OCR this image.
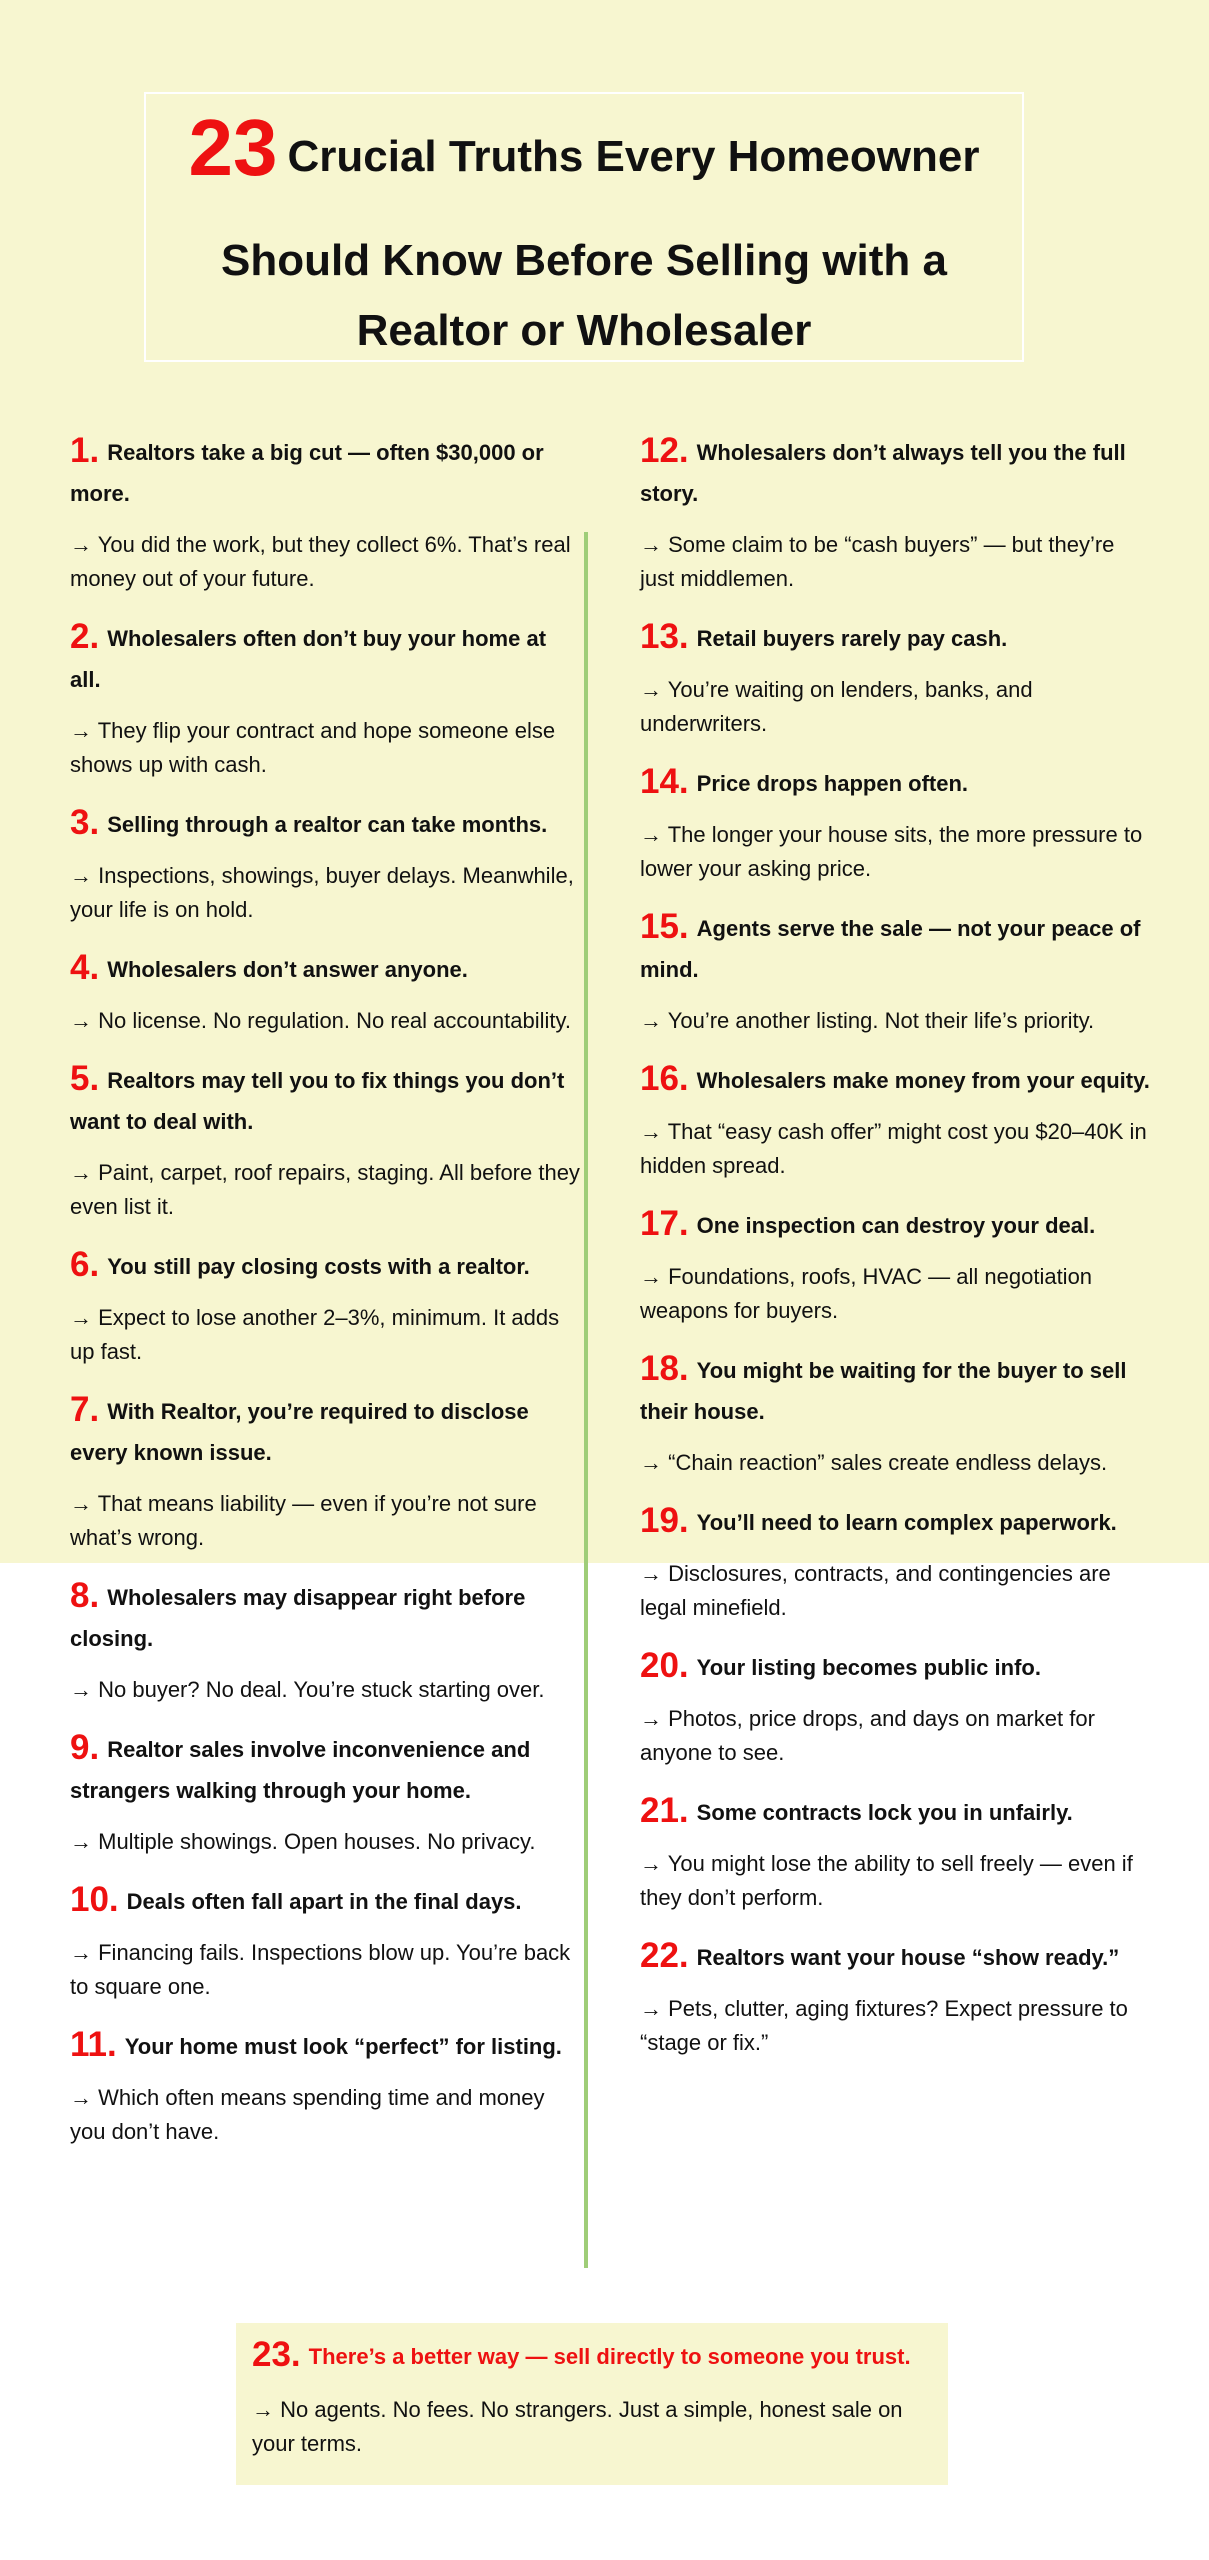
23 Crucial Truths Every Homeowner
Should Know Before Selling with a
Realtor or Wholesaler
1. Realtors take a big cut — often $30,000 or more.
→ You did the work, but they collect 6%. That’s real money out of your future.
2. Wholesalers often don’t buy your home at all.
→ They flip your contract and hope someone else shows up with cash.
3. Selling through a realtor can take months.
→ Inspections, showings, buyer delays. Meanwhile, your life is on hold.
4. Wholesalers don’t answer anyone.
→ No license. No regulation. No real accountability.
5. Realtors may tell you to fix things you don’t want to deal with.
→ Paint, carpet, roof repairs, staging. All before they even list it.
6. You still pay closing costs with a realtor.
→ Expect to lose another 2–3%, minimum. It adds up fast.
7. With Realtor, you’re required to disclose every known issue.
→ That means liability — even if you’re not sure what’s wrong.
8. Wholesalers may disappear right before closing.
→ No buyer? No deal. You’re stuck starting over.
9. Realtor sales involve inconvenience and strangers walking through your home.
→ Multiple showings. Open houses. No privacy.
10. Deals often fall apart in the final days.
→ Financing fails. Inspections blow up. You’re back to square one.
11. Your home must look “perfect” for listing.
→ Which often means spending time and money you don’t have.
12. Wholesalers don’t always tell you the full story.
→ Some claim to be “cash buyers” — but they’re just middlemen.
13. Retail buyers rarely pay cash.
→ You’re waiting on lenders, banks, and underwriters.
14. Price drops happen often.
→ The longer your house sits, the more pressure to lower your asking price.
15. Agents serve the sale — not your peace of mind.
→ You’re another listing. Not their life’s priority.
16. Wholesalers make money from your equity.
→ That “easy cash offer” might cost you $20–40K in hidden spread.
17. One inspection can destroy your deal.
→ Foundations, roofs, HVAC — all negotiation weapons for buyers.
18. You might be waiting for the buyer to sell their house.
→ “Chain reaction” sales create endless delays.
19. You’ll need to learn complex paperwork.
→ Disclosures, contracts, and contingencies are legal minefield.
20. Your listing becomes public info.
→ Photos, price drops, and days on market for anyone to see.
21. Some contracts lock you in unfairly.
→ You might lose the ability to sell freely — even if they don’t perform.
22. Realtors want your house “show ready.”
→ Pets, clutter, aging fixtures? Expect pressure to “stage or fix.”
23. There’s a better way — sell directly to someone you trust.
→ No agents. No fees. No strangers. Just a simple, honest sale on your terms.
